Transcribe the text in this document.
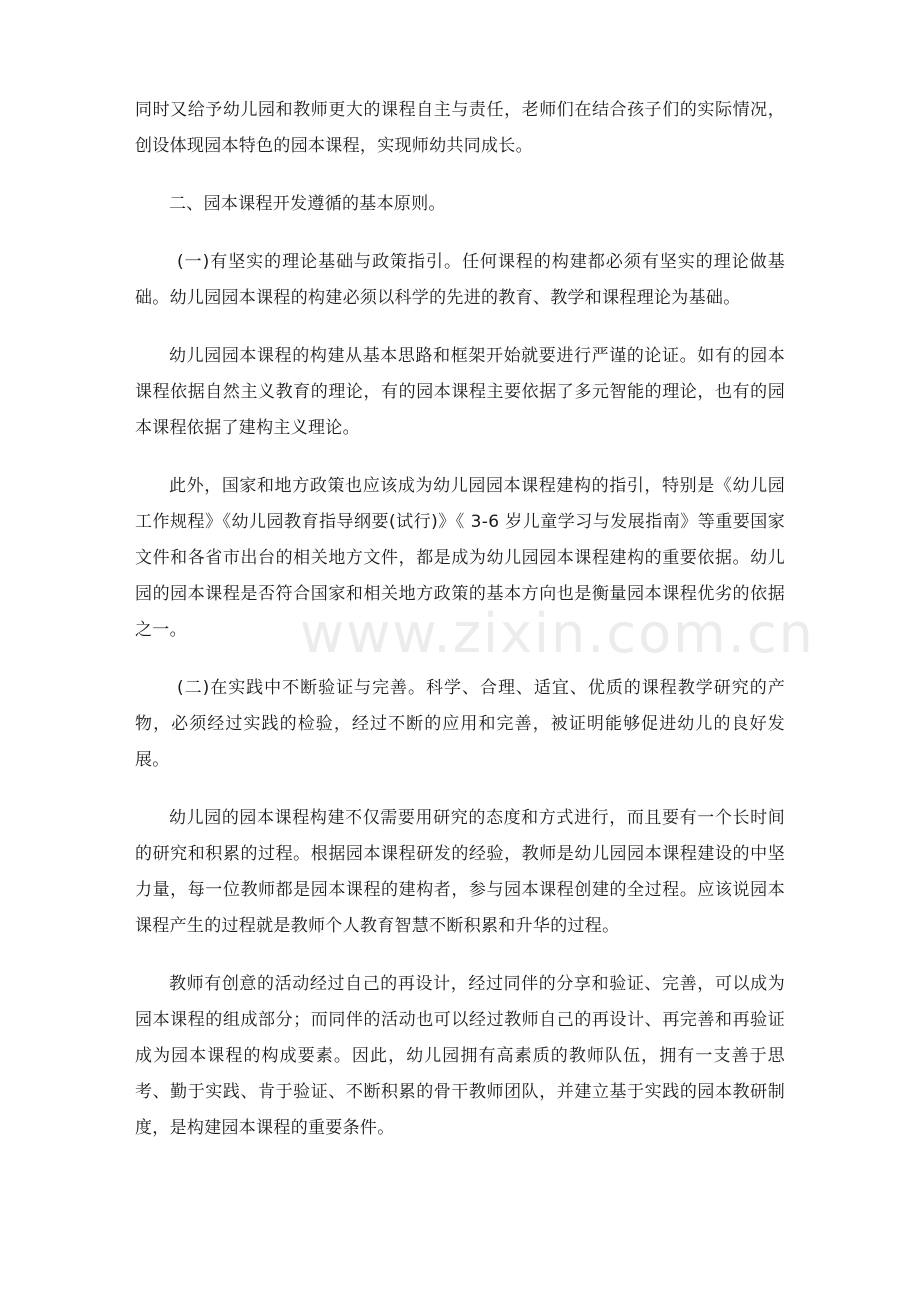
同时又给予幼儿园和教师更大的课程自主与责任，老师们在结合孩子们的实际情况，创设体现园本特色的园本课程，实现师幼共同成长。

二、园本课程开发遵循的基本原则。

(一)有坚实的理论基础与政策指引。任何课程的构建都必须有坚实的理论做基础。幼儿园园本课程的构建必须以科学的先进的教育、教学和课程理论为基础。

幼儿园园本课程的构建从基本思路和框架开始就要进行严谨的论证。如有的园本课程依据自然主义教育的理论，有的园本课程主要依据了多元智能的理论，也有的园本课程依据了建构主义理论。

此外，国家和地方政策也应该成为幼儿园园本课程建构的指引，特别是《幼儿园工作规程》《幼儿园教育指导纲要(试行)》《 3-6 岁儿童学习与发展指南》等重要国家文件和各省市出台的相关地方文件，都是成为幼儿园园本课程建构的重要依据。幼儿园的园本课程是否符合国家和相关地方政策的基本方向也是衡量园本课程优劣的依据之一。

(二)在实践中不断验证与完善。科学、合理、适宜、优质的课程教学研究的产物，必须经过实践的检验，经过不断的应用和完善，被证明能够促进幼儿的良好发展。

幼儿园的园本课程构建不仅需要用研究的态度和方式进行，而且要有一个长时间的研究和积累的过程。根据园本课程研发的经验，教师是幼儿园园本课程建设的中坚力量，每一位教师都是园本课程的建构者，参与园本课程创建的全过程。应该说园本课程产生的过程就是教师个人教育智慧不断积累和升华的过程。

教师有创意的活动经过自己的再设计，经过同伴的分享和验证、完善，可以成为园本课程的组成部分；而同伴的活动也可以经过教师自己的再设计、再完善和再验证成为园本课程的构成要素。因此，幼儿园拥有高素质的教师队伍，拥有一支善于思考、勤于实践、肯于验证、不断积累的骨干教师团队，并建立基于实践的园本教研制度，是构建园本课程的重要条件。

www.zixin.com.cn
